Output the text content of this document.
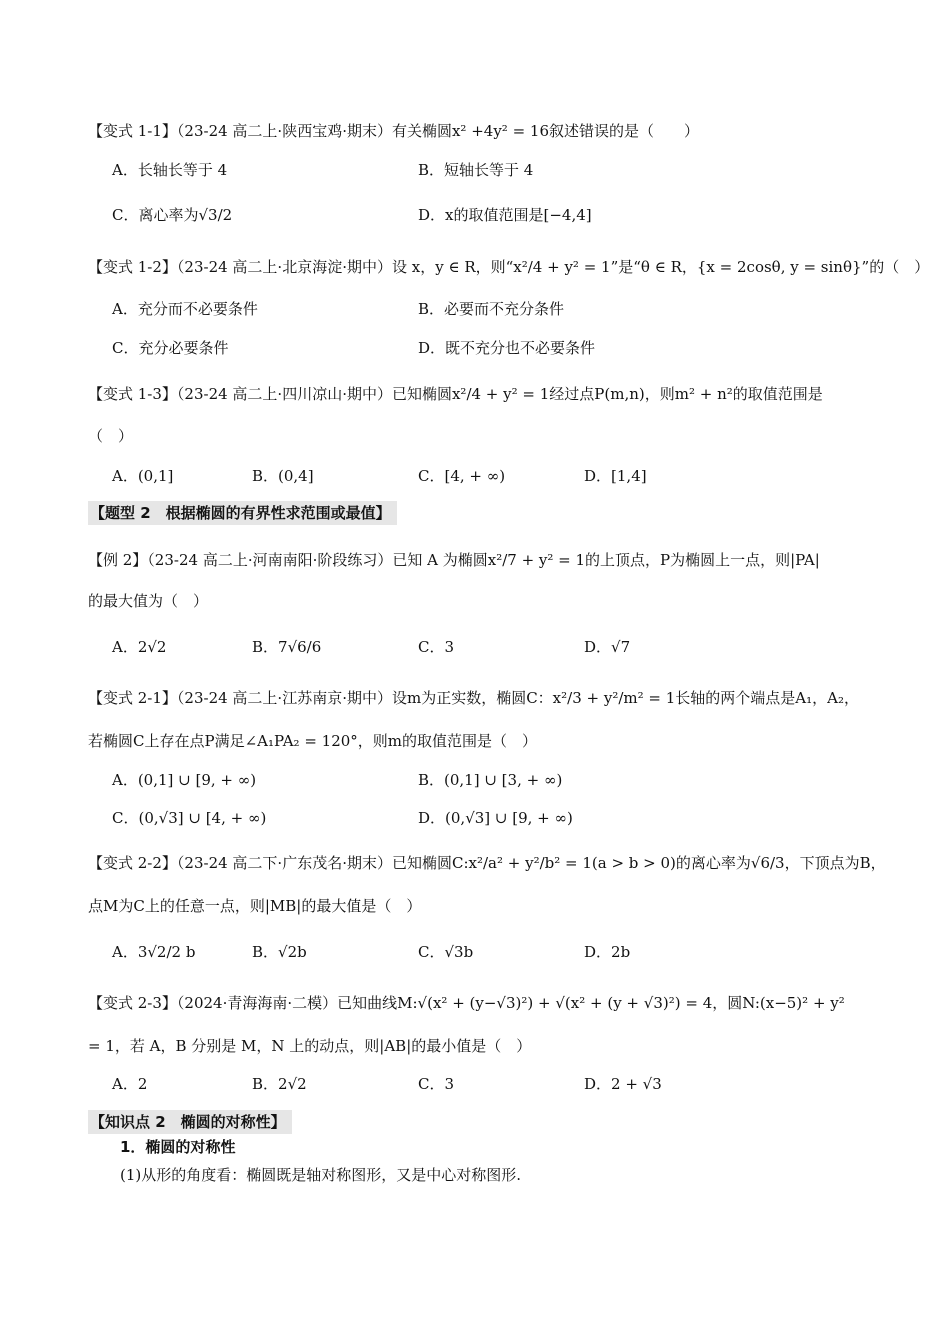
【变式 1-1】（23-24 高二上·陕西宝鸡·期末）有关椭圆x² +4y² = 16叙述错误的是（　　）
A．长轴长等于 4	B．短轴长等于 4
C．离心率为√3/2	D．x的取值范围是[−4,4]
【变式 1-2】（23-24 高二上·北京海淀·期中）设 x，y ∈ R，则“x²/4 + y² = 1”是“θ ∈ R，{x = 2cosθ, y = sinθ}”的（　）
A．充分而不必要条件	B．必要而不充分条件
C．充分必要条件	D．既不充分也不必要条件
【变式 1-3】（23-24 高二上·四川凉山·期中）已知椭圆x²/4 + y² = 1经过点P(m,n)，则m² + n²的取值范围是
（　）
A．(0,1]	B．(0,4]	C．[4, + ∞)	D．[1,4]
【题型 2　根据椭圆的有界性求范围或最值】
【例 2】（23-24 高二上·河南南阳·阶段练习）已知 A 为椭圆x²/7 + y² = 1的上顶点，P为椭圆上一点，则|PA|
的最大值为（　）
A．2√2	B．7√6/6	C．3	D．√7
【变式 2-1】（23-24 高二上·江苏南京·期中）设m为正实数，椭圆C：x²/3 + y²/m² = 1长轴的两个端点是A₁，A₂，
若椭圆C上存在点P满足∠A₁PA₂ = 120°，则m的取值范围是（　）
A．(0,1] ∪ [9, + ∞)	B．(0,1] ∪ [3, + ∞)
C．(0,√3] ∪ [4, + ∞)	D．(0,√3] ∪ [9, + ∞)
【变式 2-2】（23-24 高二下·广东茂名·期末）已知椭圆C:x²/a² + y²/b² = 1(a > b > 0)的离心率为√6/3，下顶点为B，
点M为C上的任意一点，则|MB|的最大值是（　）
A．3√2/2 b	B．√2b	C．√3b	D．2b
【变式 2-3】（2024·青海海南·二模）已知曲线M:√(x² + (y−√3)²) + √(x² + (y + √3)²) = 4，圆N:(x−5)² + y²
= 1，若 A，B 分别是 M，N 上的动点，则|AB|的最小值是（　）
A．2	B．2√2	C．3	D．2 + √3
【知识点 2　椭圆的对称性】
1．椭圆的对称性
(1)从形的角度看：椭圆既是轴对称图形，又是中心对称图形.
